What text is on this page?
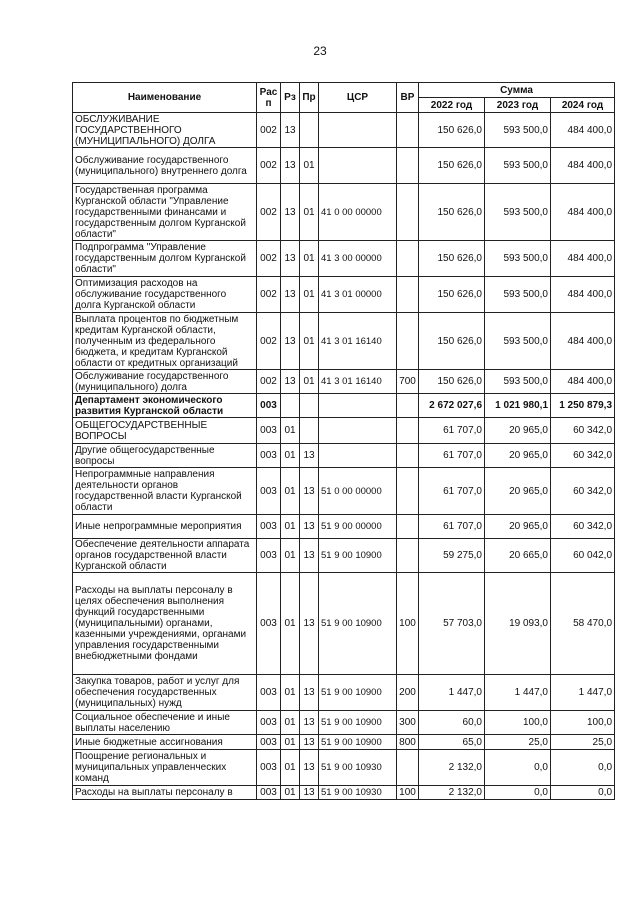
23
Наименование	Рас п	Рз	Пр	ЦСР	ВР	Сумма		
						2022 год	2023 год	2024 год
ОБСЛУЖИВАНИЕ ГОСУДАРСТВЕННОГО (МУНИЦИПАЛЬНОГО) ДОЛГА	002	13				150 626,0	593 500,0	484 400,0
Обслуживание государственного (муниципального) внутреннего долга	002	13	01			150 626,0	593 500,0	484 400,0
Государственная программа Курганской области "Управление государственными финансами и государственным долгом Курганской области"	002	13	01	41 0 00 00000		150 626,0	593 500,0	484 400,0
Подпрограмма "Управление государственным долгом Курганской области"	002	13	01	41 3 00 00000		150 626,0	593 500,0	484 400,0
Оптимизация расходов на обслуживание государственного долга Курганской области	002	13	01	41 3 01 00000		150 626,0	593 500,0	484 400,0
Выплата процентов по бюджетным кредитам Курганской области, полученным из федерального бюджета, и кредитам Курганской области от кредитных организаций	002	13	01	41 3 01 16140		150 626,0	593 500,0	484 400,0
Обслуживание государственного (муниципального) долга	002	13	01	41 3 01 16140	700	150 626,0	593 500,0	484 400,0
Департамент экономического развития Курганской области	003					2 672 027,6	1 021 980,1	1 250 879,3
ОБЩЕГОСУДАРСТВЕННЫЕ ВОПРОСЫ	003	01				61 707,0	20 965,0	60 342,0
Другие общегосударственные вопросы	003	01	13			61 707,0	20 965,0	60 342,0
Непрограммные направления деятельности органов государственной власти Курганской области	003	01	13	51 0 00 00000		61 707,0	20 965,0	60 342,0
Иные непрограммные мероприятия	003	01	13	51 9 00 00000		61 707,0	20 965,0	60 342,0
Обеспечение деятельности аппарата органов государственной власти Курганской области	003	01	13	51 9 00 10900		59 275,0	20 665,0	60 042,0
Расходы на выплаты персоналу в целях обеспечения выполнения функций государственными (муниципальными) органами, казенными учреждениями, органами управления государственными внебюджетными фондами	003	01	13	51 9 00 10900	100	57 703,0	19 093,0	58 470,0
Закупка товаров, работ и услуг для обеспечения государственных (муниципальных) нужд	003	01	13	51 9 00 10900	200	1 447,0	1 447,0	1 447,0
Социальное обеспечение и иные выплаты населению	003	01	13	51 9 00 10900	300	60,0	100,0	100,0
Иные бюджетные ассигнования	003	01	13	51 9 00 10900	800	65,0	25,0	25,0
Поощрение региональных и муниципальных управленческих команд	003	01	13	51 9 00 10930		2 132,0	0,0	0,0
Расходы на выплаты персоналу в	003	01	13	51 9 00 10930	100	2 132,0	0,0	0,0
